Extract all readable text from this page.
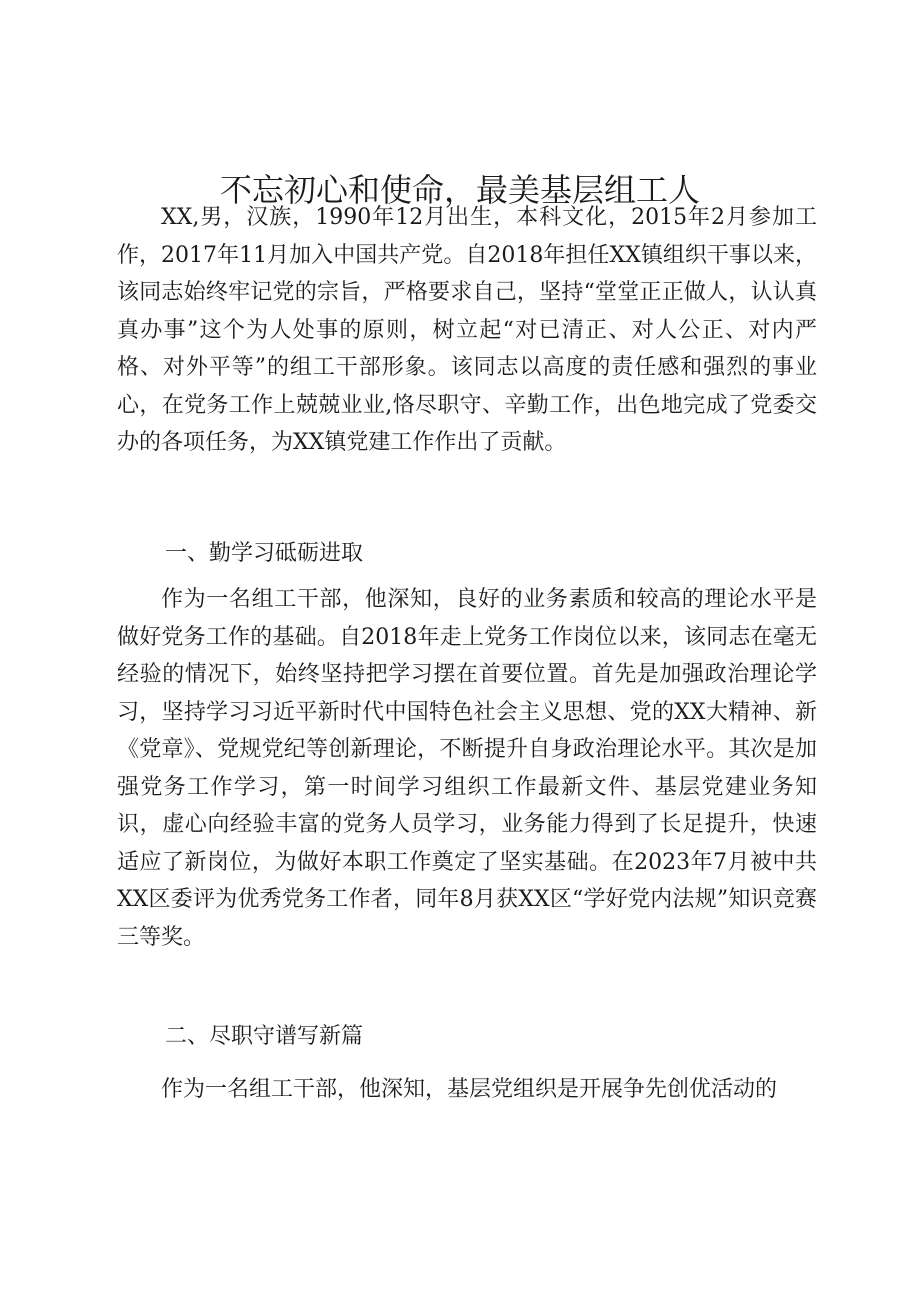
不忘初心和使命，最美基层组工人

XX,男，汉族，1990年12月出生，本科文化，2015年2月参加工作，2017年11月加入中国共产党。自2018年担任XX镇组织干事以来，该同志始终牢记党的宗旨，严格要求自己，坚持“堂堂正正做人，认认真真办事”这个为人处事的原则，树立起“对已清正、对人公正、对内严格、对外平等”的组工干部形象。该同志以高度的责任感和强烈的事业心，在党务工作上兢兢业业,恪尽职守、辛勤工作，出色地完成了党委交办的各项任务，为XX镇党建工作作出了贡献。

一、勤学习砥砺进取

作为一名组工干部，他深知，良好的业务素质和较高的理论水平是做好党务工作的基础。自2018年走上党务工作岗位以来，该同志在毫无经验的情况下，始终坚持把学习摆在首要位置。首先是加强政治理论学习，坚持学习习近平新时代中国特色社会主义思想、党的XX大精神、新《党章》、党规党纪等创新理论，不断提升自身政治理论水平。其次是加强党务工作学习，第一时间学习组织工作最新文件、基层党建业务知识，虚心向经验丰富的党务人员学习，业务能力得到了长足提升，快速适应了新岗位，为做好本职工作奠定了坚实基础。在2023年7月被中共XX区委评为优秀党务工作者，同年8月获XX区“学好党内法规”知识竞赛三等奖。

二、尽职守谱写新篇

作为一名组工干部，他深知，基层党组织是开展争先创优活动的
